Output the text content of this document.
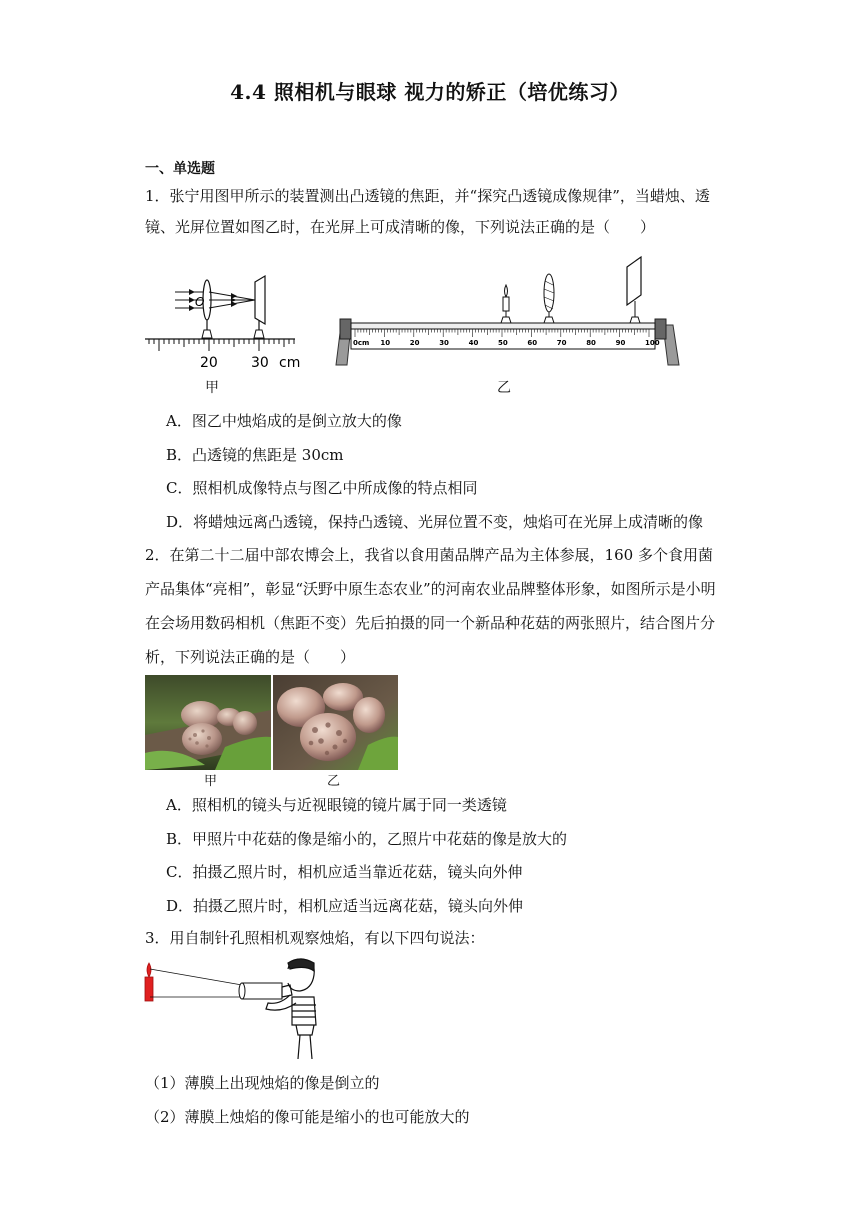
4.4 照相机与眼球 视力的矫正（培优练习）
一、单选题
1．张宁用图甲所示的装置测出凸透镜的焦距，并“探究凸透镜成像规律”，当蜡烛、透
镜、光屏位置如图乙时，在光屏上可成清晰的像，下列说法正确的是（　　）
O
20 30 cm
甲
0cm 10	20	30	40	50	60	70	80	90	100
乙
A．图乙中烛焰成的是倒立放大的像
B．凸透镜的焦距是 30cm
C．照相机成像特点与图乙中所成像的特点相同
D．将蜡烛远离凸透镜，保持凸透镜、光屏位置不变，烛焰可在光屏上成清晰的像
2．在第二十二届中部农博会上，我省以食用菌品牌产品为主体参展，160 多个食用菌
产品集体“亮相”，彰显“沃野中原生态农业”的河南农业品牌整体形象，如图所示是小明
在会场用数码相机（焦距不变）先后拍摄的同一个新品种花菇的两张照片，结合图片分
析，下列说法正确的是（　　）
甲	乙
A．照相机的镜头与近视眼镜的镜片属于同一类透镜
B．甲照片中花菇的像是缩小的，乙照片中花菇的像是放大的
C．拍摄乙照片时，相机应适当靠近花菇，镜头向外伸
D．拍摄乙照片时，相机应适当远离花菇，镜头向外伸
3．用自制针孔照相机观察烛焰，有以下四句说法：
（1）薄膜上出现烛焰的像是倒立的
（2）薄膜上烛焰的像可能是缩小的也可能放大的
